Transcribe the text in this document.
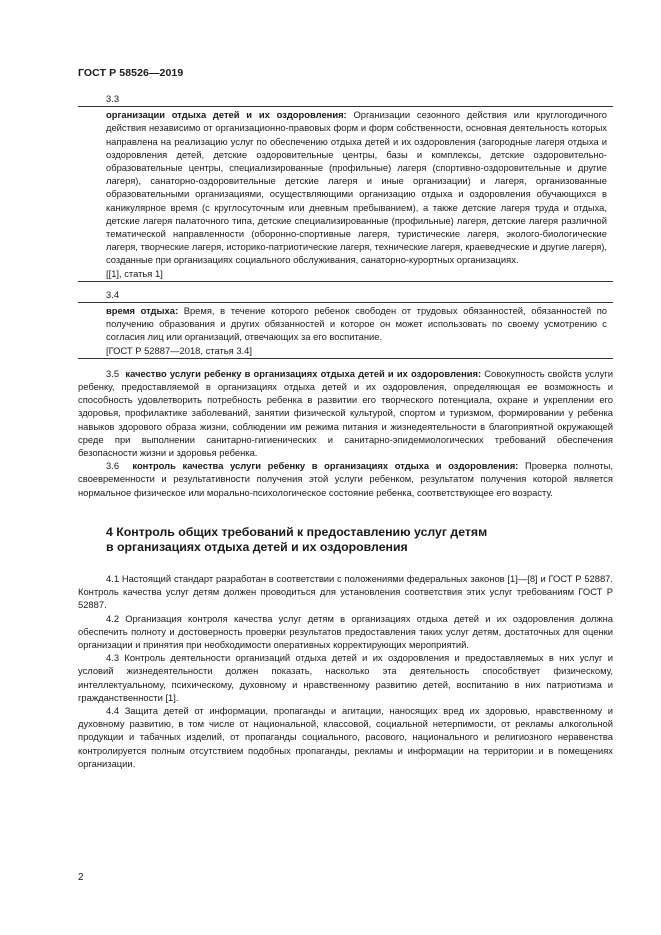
ГОСТ Р 58526—2019

3.3

организации отдыха детей и их оздоровления: Организации сезонного действия или круглогодичного действия независимо от организационно-правовых форм и форм собственности, основная деятельность которых направлена на реализацию услуг по обеспечению отдыха детей и их оздоровления (загородные лагеря отдыха и оздоровления детей, детские оздоровительные центры, базы и комплексы, детские оздоровительно-образовательные центры, специализированные (профильные) лагеря (спортивно-оздоровительные и другие лагеря), санаторно-оздоровительные детские лагеря и иные организации) и лагеря, организованные образовательными организациями, осуществляющими организацию отдыха и оздоровления обучающихся в каникулярное время (с круглосуточным или дневным пребыванием), а также детские лагеря труда и отдыха, детские лагеря палаточного типа, детские специализированные (профильные) лагеря, детские лагеря различной тематической направленности (оборонно-спортивные лагеря, туристические лагеря, эколого-биологические лагеря, творческие лагеря, историко-патриотические лагеря, технические лагеря, краеведческие и другие лагеря), созданные при организациях социального обслуживания, санаторно-курортных организациях.

[[1], статья 1]

3.4

время отдыха: Время, в течение которого ребенок свободен от трудовых обязанностей, обязанностей по получению образования и других обязанностей и которое он может использовать по своему усмотрению с согласия лиц или организаций, отвечающих за его воспитание.

[ГОСТ Р 52887—2018, статья 3.4]

3.5 качество услуги ребенку в организациях отдыха детей и их оздоровления: Совокупность свойств услуги ребенку, предоставляемой в организациях отдыха детей и их оздоровления, определяющая ее возможность и способность удовлетворить потребность ребенка в развитии его творческого потенциала, охране и укреплении его здоровья, профилактике заболеваний, занятии физической культурой, спортом и туризмом, формировании у ребенка навыков здорового образа жизни, соблюдении им режима питания и жизнедеятельности в благоприятной окружающей среде при выполнении санитарно-гигиенических и санитарно-эпидемиологических требований обеспечения безопасности жизни и здоровья ребенка.

3.6 контроль качества услуги ребенку в организациях отдыха и оздоровления: Проверка полноты, своевременности и результативности получения этой услуги ребенком, результатом получения которой является нормальное физическое или морально-психологическое состояние ребенка, соответствующее его возрасту.

4 Контроль общих требований к предоставлению услуг детям
в организациях отдыха детей и их оздоровления

4.1 Настоящий стандарт разработан в соответствии с положениями федеральных законов [1]—[8] и ГОСТ Р 52887. Контроль качества услуг детям должен проводиться для установления соответствия этих услуг требованиям ГОСТ Р 52887.

4.2 Организация контроля качества услуг детям в организациях отдыха детей и их оздоровления должна обеспечить полноту и достоверность проверки результатов предоставления таких услуг детям, достаточных для оценки организации и принятия при необходимости оперативных корректирующих мероприятий.

4.3 Контроль деятельности организаций отдыха детей и их оздоровления и предоставляемых в них услуг и условий жизнедеятельности должен показать, насколько эта деятельность способствует физическому, интеллектуальному, психическому, духовному и нравственному развитию детей, воспитанию в них патриотизма и гражданственности [1].

4.4 Защита детей от информации, пропаганды и агитации, наносящих вред их здоровью, нравственному и духовному развитию, в том числе от национальной, классовой, социальной нетерпимости, от рекламы алкогольной продукции и табачных изделий, от пропаганды социального, расового, национального и религиозного неравенства контролируется полным отсутствием подобных пропаганды, рекламы и информации на территории и в помещениях организации.

2
